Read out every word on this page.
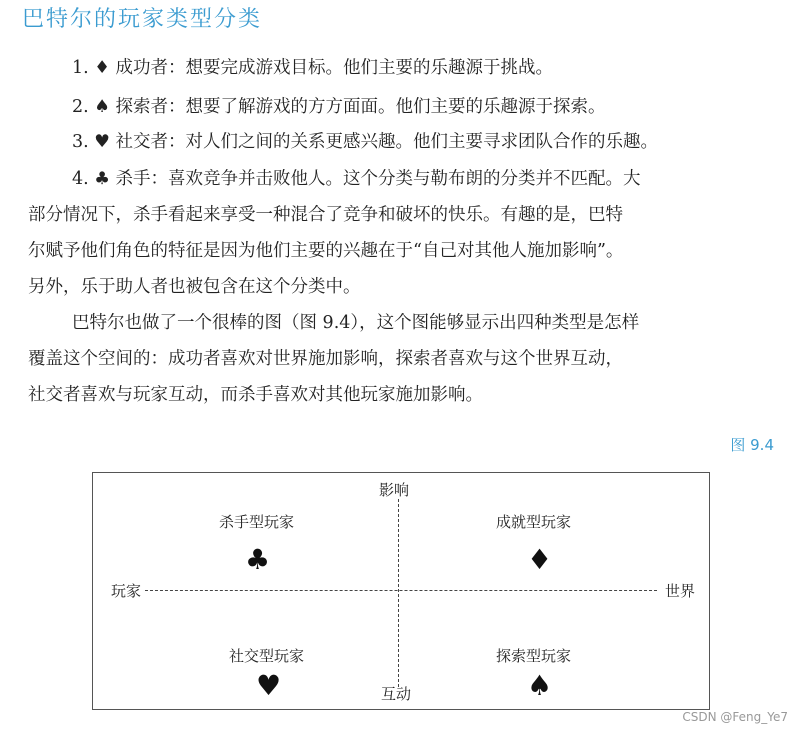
巴特尔的玩家类型分类
1. ♦ 成功者：想要完成游戏目标。他们主要的乐趣源于挑战。
2. ♠ 探索者：想要了解游戏的方方面面。他们主要的乐趣源于探索。
3. ♥ 社交者：对人们之间的关系更感兴趣。他们主要寻求团队合作的乐趣。
4. ♣ 杀手：喜欢竞争并击败他人。这个分类与勒布朗的分类并不匹配。大
部分情况下，杀手看起来享受一种混合了竞争和破坏的快乐。有趣的是，巴特
尔赋予他们角色的特征是因为他们主要的兴趣在于“自己对其他人施加影响”。
另外，乐于助人者也被包含在这个分类中。
巴特尔也做了一个很棒的图（图 9.4），这个图能够显示出四种类型是怎样
覆盖这个空间的：成功者喜欢对世界施加影响，探索者喜欢与这个世界互动，
社交者喜欢与玩家互动，而杀手喜欢对其他玩家施加影响。
图 9.4
影响
互动
玩家	世界
杀手型玩家
♣
成就型玩家
♦
社交型玩家
♥
探索型玩家
♠
CSDN @Feng_Ye7
